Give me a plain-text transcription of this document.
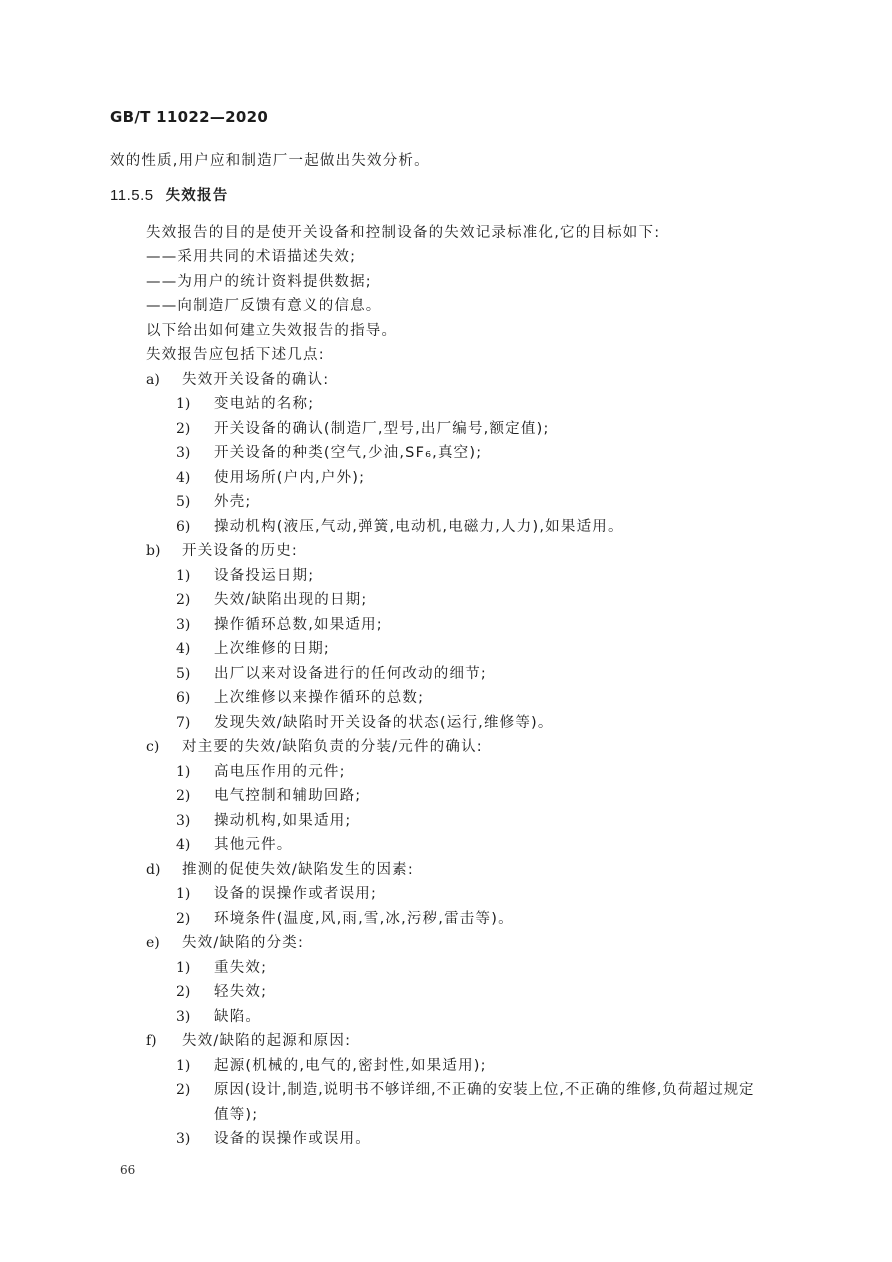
GB/T 11022—2020
效的性质,用户应和制造厂一起做出失效分析。
11.5.5 失效报告
失效报告的目的是使开关设备和控制设备的失效记录标准化,它的目标如下:
——采用共同的术语描述失效;
——为用户的统计资料提供数据;
——向制造厂反馈有意义的信息。
以下给出如何建立失效报告的指导。
失效报告应包括下述几点:
a) 失效开关设备的确认:
1) 变电站的名称;
2) 开关设备的确认(制造厂,型号,出厂编号,额定值);
3) 开关设备的种类(空气,少油,SF₆,真空);
4) 使用场所(户内,户外);
5) 外壳;
6) 操动机构(液压,气动,弹簧,电动机,电磁力,人力),如果适用。
b) 开关设备的历史:
1) 设备投运日期;
2) 失效/缺陷出现的日期;
3) 操作循环总数,如果适用;
4) 上次维修的日期;
5) 出厂以来对设备进行的任何改动的细节;
6) 上次维修以来操作循环的总数;
7) 发现失效/缺陷时开关设备的状态(运行,维修等)。
c) 对主要的失效/缺陷负责的分装/元件的确认:
1) 高电压作用的元件;
2) 电气控制和辅助回路;
3) 操动机构,如果适用;
4) 其他元件。
d) 推测的促使失效/缺陷发生的因素:
1) 设备的误操作或者误用;
2) 环境条件(温度,风,雨,雪,冰,污秽,雷击等)。
e) 失效/缺陷的分类:
1) 重失效;
2) 轻失效;
3) 缺陷。
f) 失效/缺陷的起源和原因:
1) 起源(机械的,电气的,密封性,如果适用);
2) 原因(设计,制造,说明书不够详细,不正确的安装上位,不正确的维修,负荷超过规定
值等);
3) 设备的误操作或误用。
66
